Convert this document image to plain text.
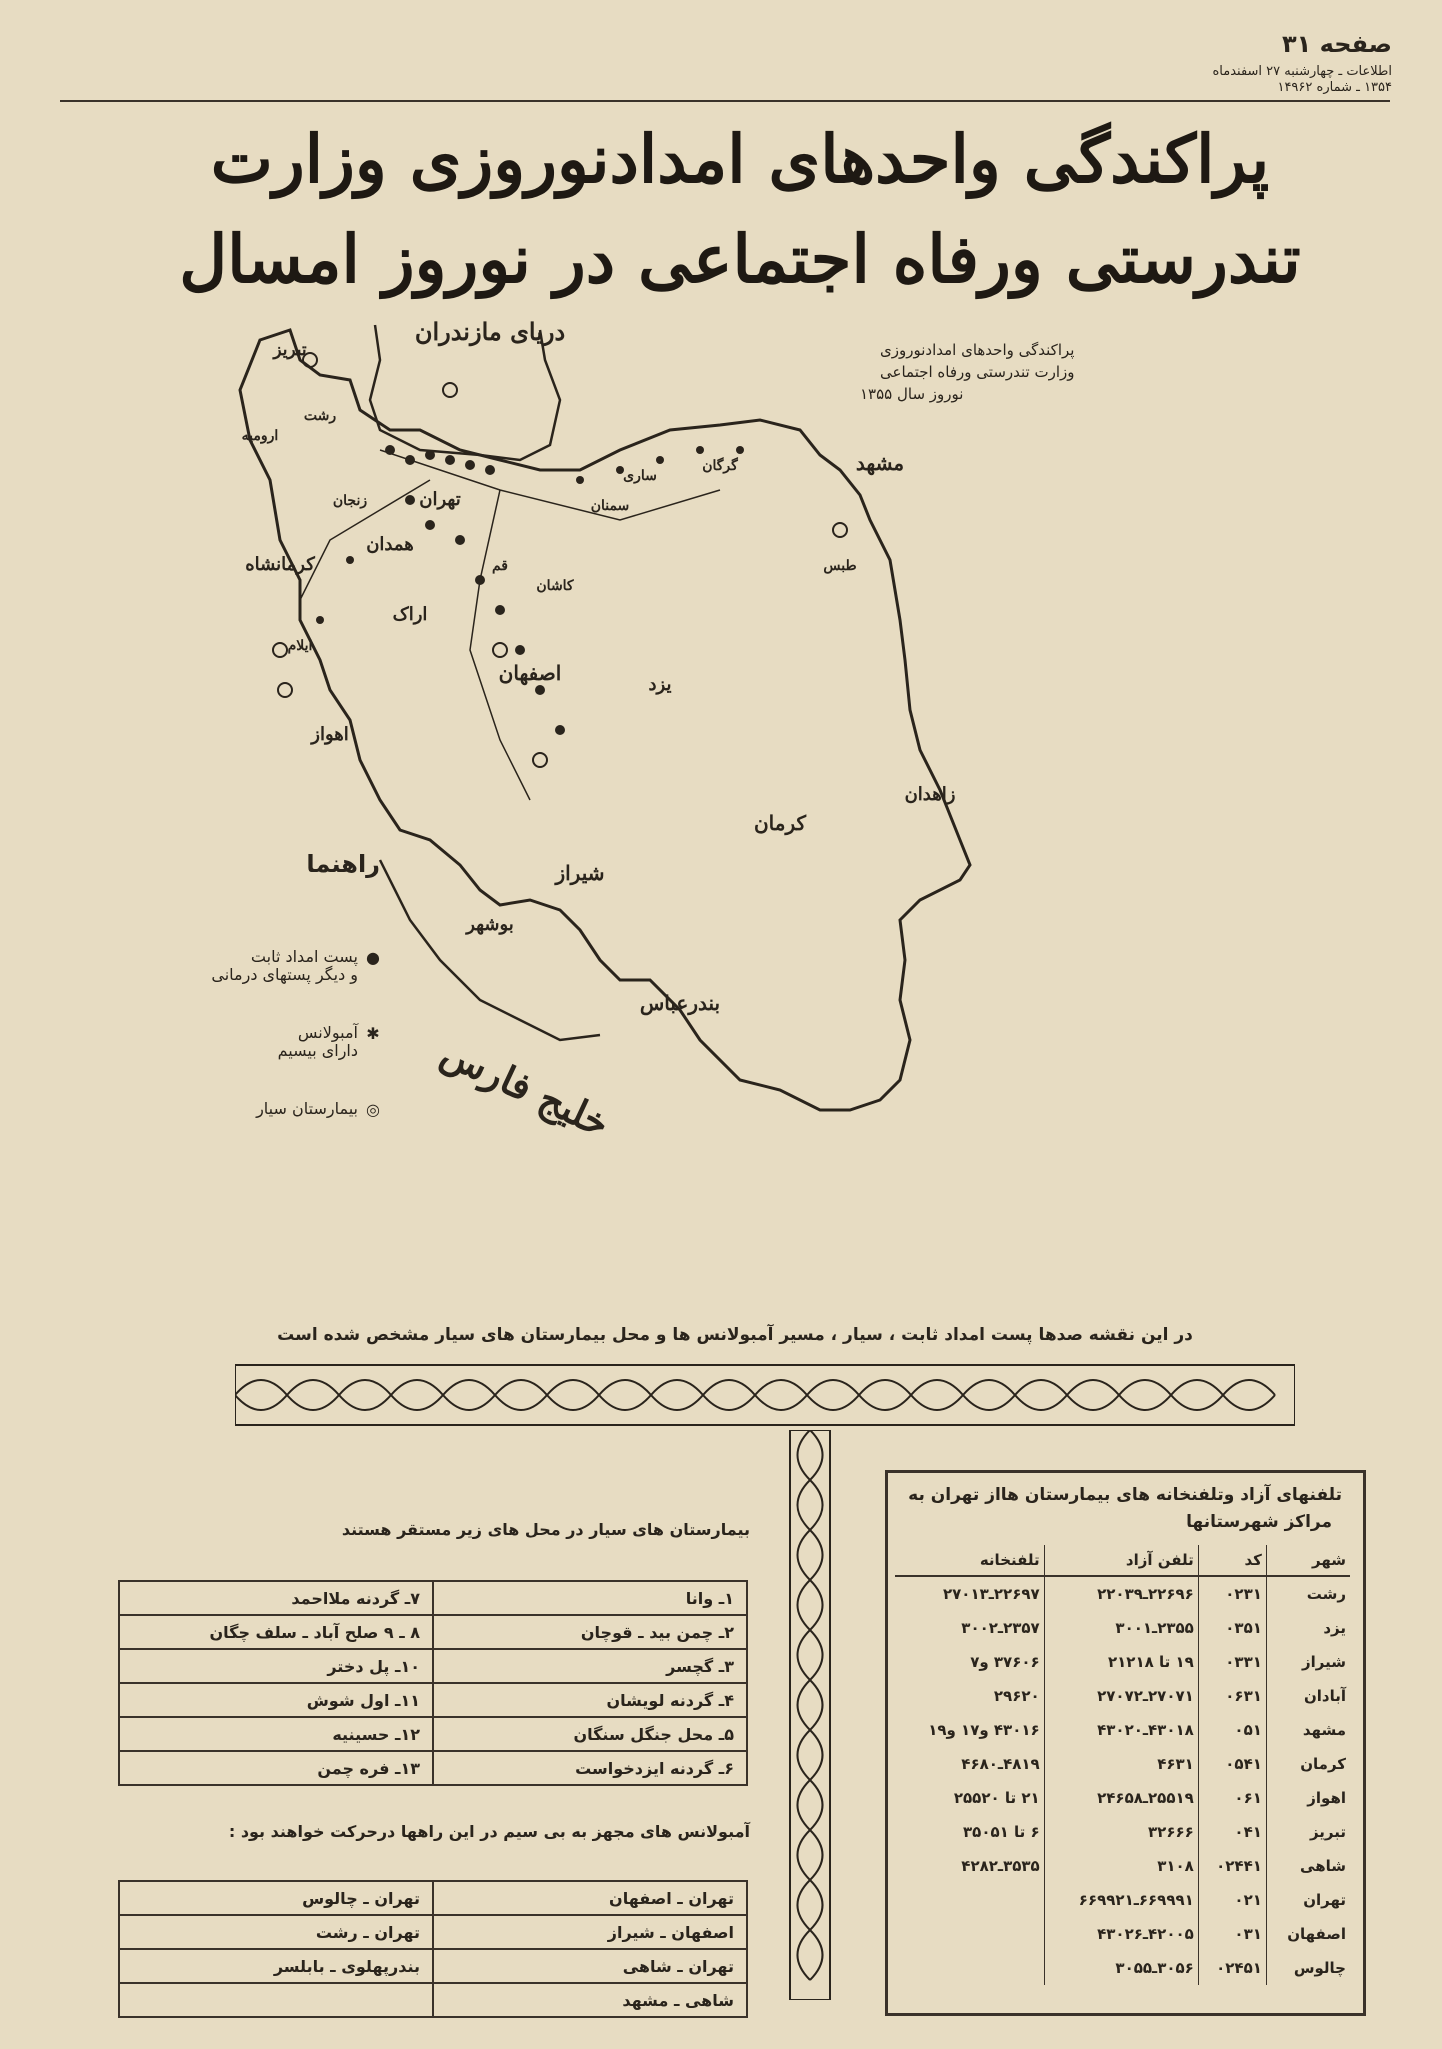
صفحه ۳۱
اطلاعات ـ چهارشنبه ۲۷ اسفندماه
۱۳۵۴ ـ شماره ۱۴۹۶۲
پراکندگی واحدهای امدادنوروزی وزارت
تندرستی ورفاه اجتماعی در نوروز امسال
تبریز
ارومیه
زنجان
همدان
کرمانشاه
اراک
اصفهان
تهران
قم
کاشان
یزد
کرمان
زاهدان
مشهد
شیراز
اهواز
بوشهر
بندرعباس
ایلام
طبس
سمنان
ساری
رشت
گرگان
دریای مازندران
خلیج فارس
پراکندگی واحدهای امدادنوروزی
وزارت تندرستی ورفاه اجتماعی
نوروز سال ۱۳۵۵
راهنما
●
پست امداد ثابت
و دیگر پستهای درمانی
✱
آمبولانس
دارای بیسیم
◎
بیمارستان سیار
در این نقشه صدها پست امداد ثابت ، سیار ، مسیر آمبولانس ها و محل بیمارستان های سیار مشخص شده است
بیمارستان های سیار در محل های زیر مستقر هستند
۱ـ وانا	۷ـ گردنه ملااحمد
۲ـ چمن بید ـ قوچان	۸ ـ ۹ صلح آباد ـ سلف چگان
۳ـ گچسر	۱۰ـ پل دختر
۴ـ گردنه لویشان	۱۱ـ اول شوش
۵ـ محل جنگل سنگان	۱۲ـ حسینیه
۶ـ گردنه ایزدخواست	۱۳ـ فره چمن
آمبولانس های مجهز به بی سیم در این راهها درحرکت خواهند بود :
تهران ـ اصفهان	تهران ـ چالوس
اصفهان ـ شیراز	تهران ـ رشت
تهران ـ شاهی	بندرپهلوی ـ بابلسر
شاهی ـ مشهد	
تلفنهای آزاد وتلفنخانه های بیمارستان هااز تهران به
مراکز شهرستانها
شهر	کد	تلفن آزاد	تلفنخانه
رشت	۰۲۳۱	۲۲۶۹۶ـ۲۲۰۳۹	۲۲۶۹۷ـ۲۷۰۱۳
یزد	۰۳۵۱	۲۳۵۵ـ۳۰۰۱	۲۳۵۷ـ۳۰۰۲
شیراز	۰۳۳۱	۱۹ تا ۲۱۲۱۸	۳۷۶۰۶ و۷
آبادان	۰۶۳۱	۲۷۰۷۱ـ۲۷۰۷۲	۲۹۶۲۰
مشهد	۰۵۱	۴۳۰۱۸ـ۴۳۰۲۰	۴۳۰۱۶ و۱۷ و۱۹
کرمان	۰۵۴۱	۴۶۳۱	۴۸۱۹ـ۴۶۸۰
اهواز	۰۶۱	۲۵۵۱۹ـ۲۴۶۵۸	۲۱ تا ۲۵۵۲۰
تبریز	۰۴۱	۳۲۶۶۶	۶ تا ۳۵۰۵۱
شاهی	۰۲۴۴۱	۳۱۰۸	۳۵۳۵ـ۴۲۸۲
تهران	۰۲۱	۶۶۹۹۹۱ـ۶۶۹۹۲۱	
اصفهان	۰۳۱	۴۲۰۰۵ـ۴۳۰۲۶	
چالوس	۰۲۴۵۱	۳۰۵۶ـ۳۰۵۵	
